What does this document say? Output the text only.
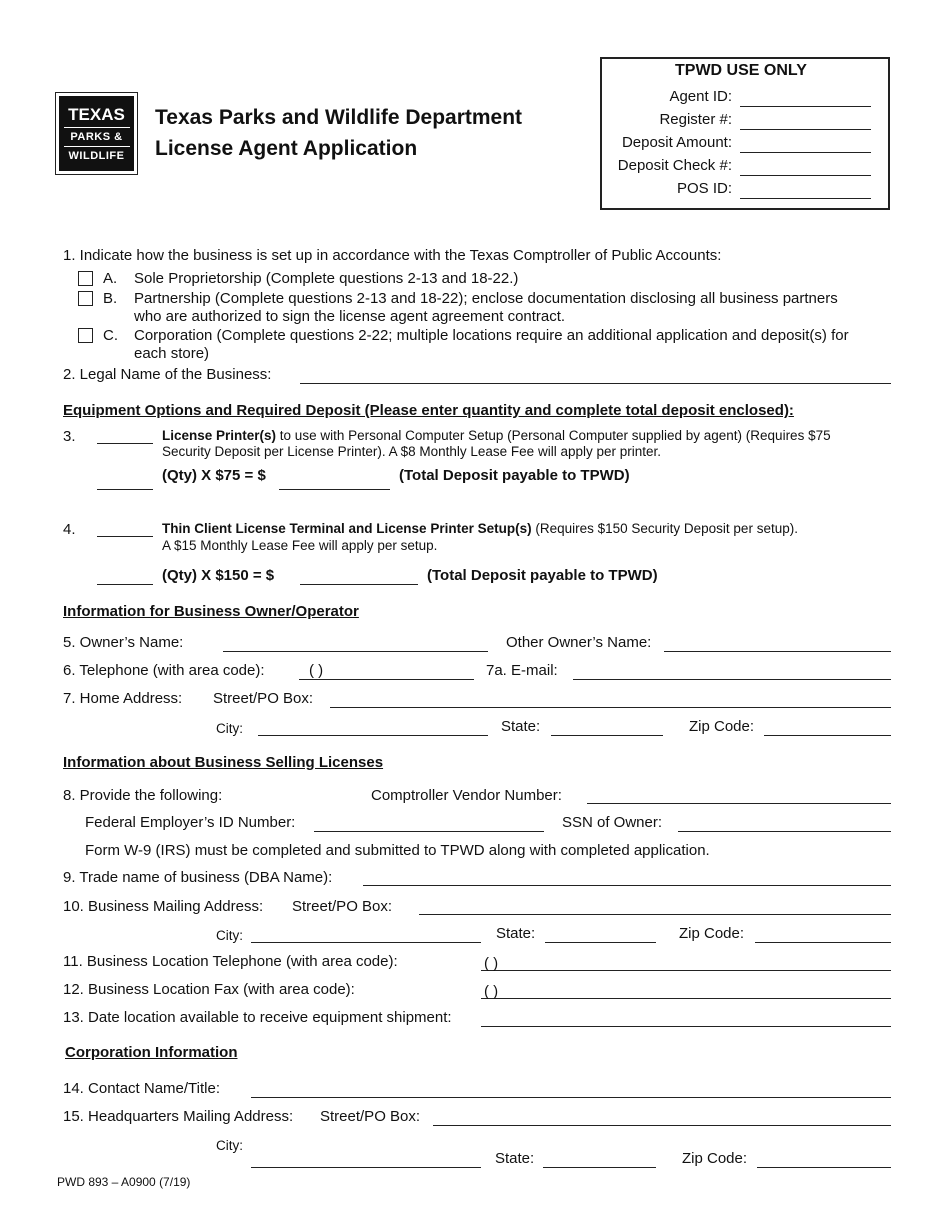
TEXAS
PARKS &
WILDLIFE
Texas Parks and Wildlife Department
License Agent Application
TPWD USE ONLY
Agent ID:
Register #:
Deposit Amount:
Deposit Check #:
POS ID:
1. Indicate how the business is set up in accordance with the Texas Comptroller of Public Accounts:
A. Sole Proprietorship (Complete questions 2-13 and 18-22.)
B. Partnership (Complete questions 2-13 and 18-22); enclose documentation disclosing all business partners
who are authorized to sign the license agent agreement contract.
C. Corporation (Complete questions 2-22; multiple locations require an additional application and deposit(s) for
each store)
2. Legal Name of the Business:
Equipment Options and Required Deposit (Please enter quantity and complete total deposit enclosed):
3.	License Printer(s) to use with Personal Computer Setup (Personal Computer supplied by agent) (Requires $75
Security Deposit per License Printer). A $8 Monthly Lease Fee will apply per printer.
(Qty) X $75 = $	(Total Deposit payable to TPWD)
4.	Thin Client License Terminal and License Printer Setup(s) (Requires $150 Security Deposit per setup).
A $15 Monthly Lease Fee will apply per setup.
(Qty) X $150 = $	(Total Deposit payable to TPWD)
Information for Business Owner/Operator
5. Owner’s Name:	Other Owner’s Name:
6. Telephone (with area code):	( )	7a. E-mail:
7. Home Address: Street/PO Box:
City:	State:	Zip Code:
Information about Business Selling Licenses
8. Provide the following:	Comptroller Vendor Number:
Federal Employer’s ID Number:	SSN of Owner:
Form W-9 (IRS) must be completed and submitted to TPWD along with completed application.
9. Trade name of business (DBA Name):
10. Business Mailing Address: Street/PO Box:
City:	State:	Zip Code:
11. Business Location Telephone (with area code):	( )
12. Business Location Fax (with area code):	( )
13. Date location available to receive equipment shipment:
Corporation Information
14. Contact Name/Title:
15. Headquarters Mailing Address: Street/PO Box:
City:
State:	Zip Code:
PWD 893 – A0900 (7/19)
